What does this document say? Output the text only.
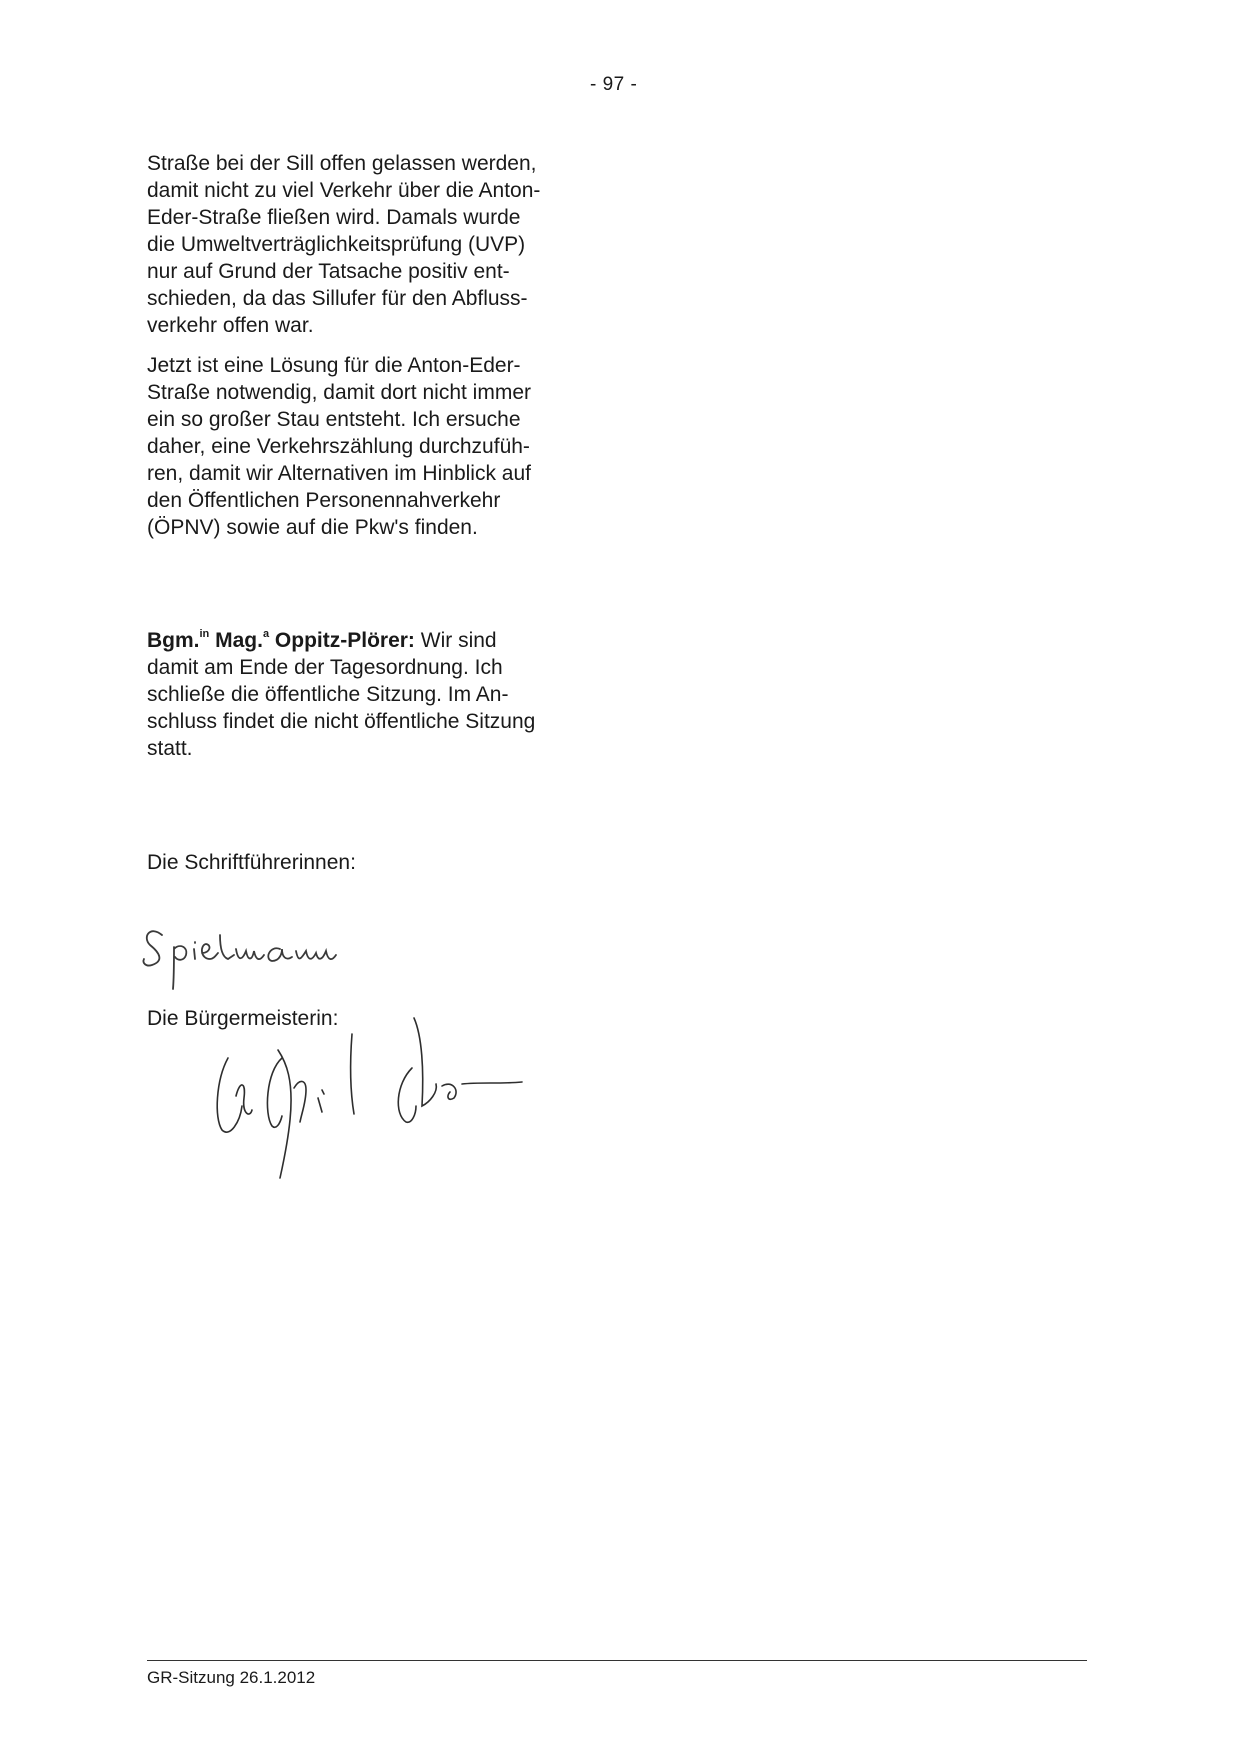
- 97 -

Straße bei der Sill offen gelassen werden,
damit nicht zu viel Verkehr über die Anton-
Eder-Straße fließen wird. Damals wurde
die Umweltverträglichkeitsprüfung (UVP)
nur auf Grund der Tatsache positiv ent-
schieden, da das Sillufer für den Abfluss-
verkehr offen war.

Jetzt ist eine Lösung für die Anton-Eder-
Straße notwendig, damit dort nicht immer
ein so großer Stau entsteht. Ich ersuche
daher, eine Verkehrszählung durchzufüh-
ren, damit wir Alternativen im Hinblick auf
den Öffentlichen Personennahverkehr
(ÖPNV) sowie auf die Pkw's finden.

Bgm.$^{in}$ Mag.$^a$ Oppitz-Plörer: Wir sind
damit am Ende der Tagesordnung. Ich
schließe die öffentliche Sitzung. Im An-
schluss findet die nicht öffentliche Sitzung
statt.

Die Schriftführerinnen:
Die Bürgermeisterin:
GR-Sitzung 26.1.2012
